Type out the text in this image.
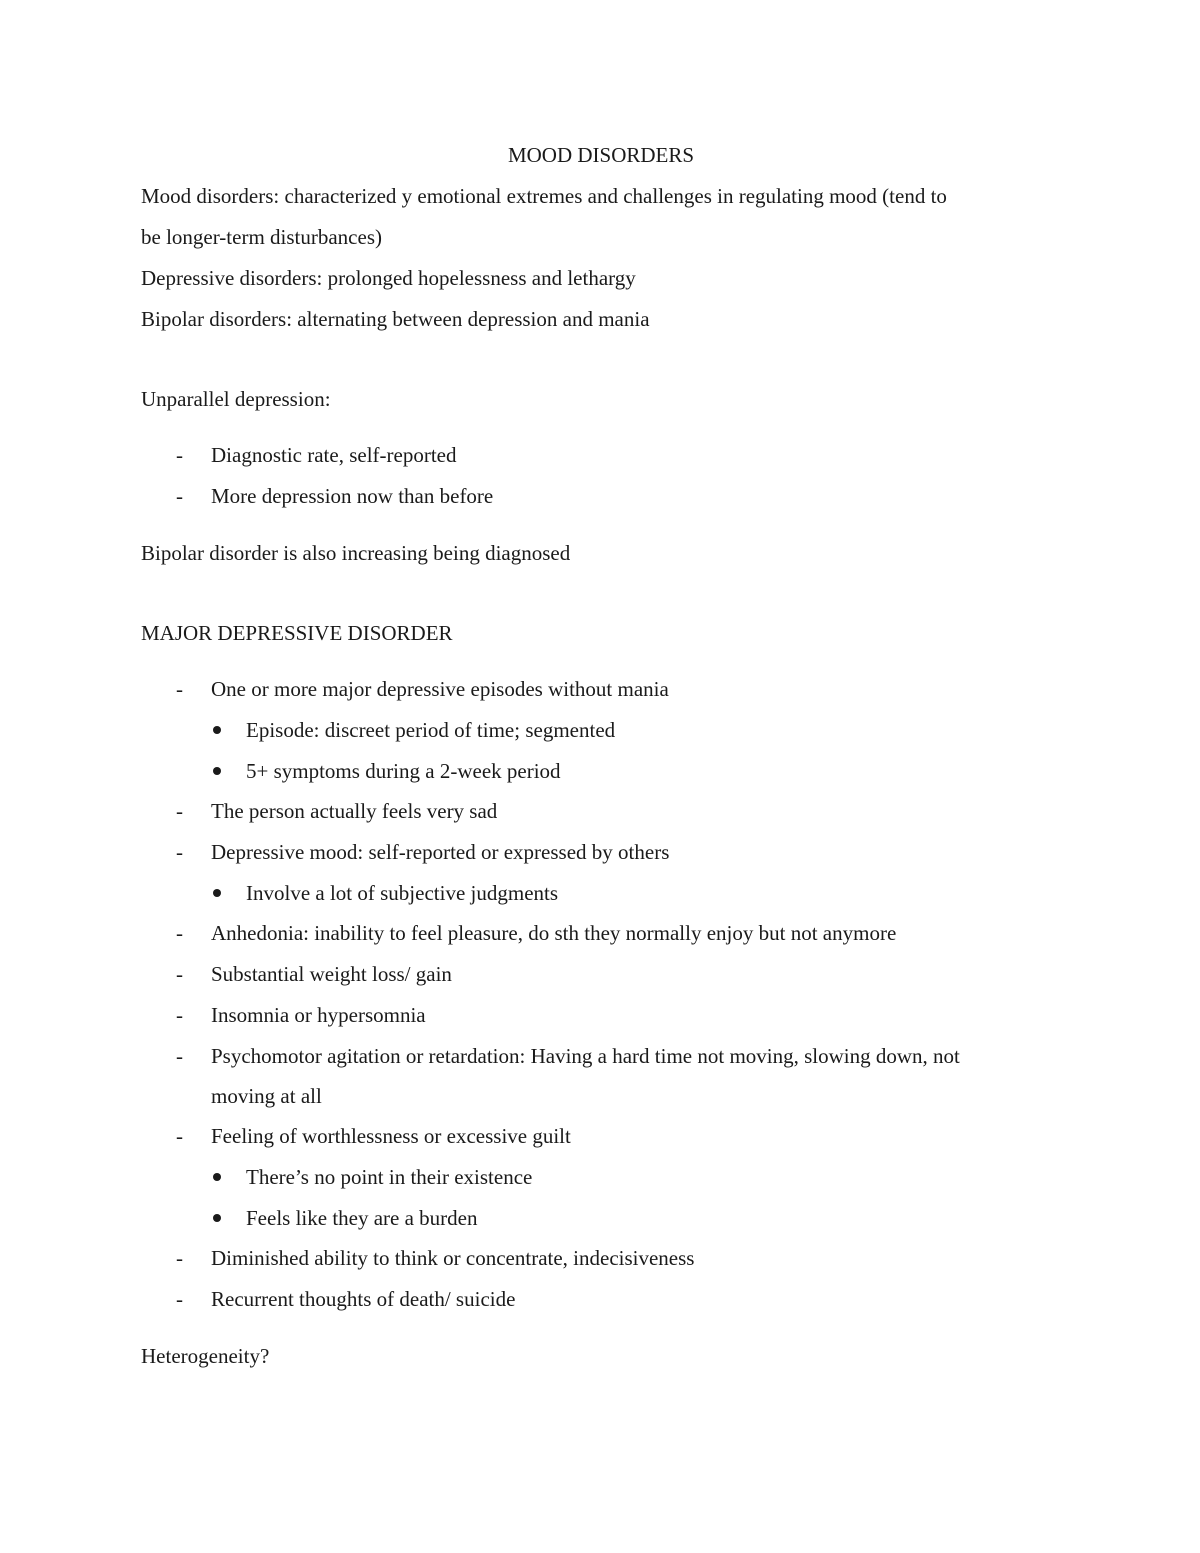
MOOD DISORDERS
Mood disorders: characterized y emotional extremes and challenges in regulating mood (tend to
be longer-term disturbances)
Depressive disorders: prolonged hopelessness and lethargy
Bipolar disorders: alternating between depression and mania
Unparallel depression:
-	Diagnostic rate, self-reported
-	More depression now than before
Bipolar disorder is also increasing being diagnosed
MAJOR DEPRESSIVE DISORDER
-	One or more major depressive episodes without mania
Episode: discreet period of time; segmented
5+ symptoms during a 2-week period
-	The person actually feels very sad
-	Depressive mood: self-reported or expressed by others
Involve a lot of subjective judgments
-	Anhedonia: inability to feel pleasure, do sth they normally enjoy but not anymore
-	Substantial weight loss/ gain
-	Insomnia or hypersomnia
-	Psychomotor agitation or retardation: Having a hard time not moving, slowing down, not
moving at all
-	Feeling of worthlessness or excessive guilt
There’s no point in their existence
Feels like they are a burden
-	Diminished ability to think or concentrate, indecisiveness
-	Recurrent thoughts of death/ suicide
Heterogeneity?
